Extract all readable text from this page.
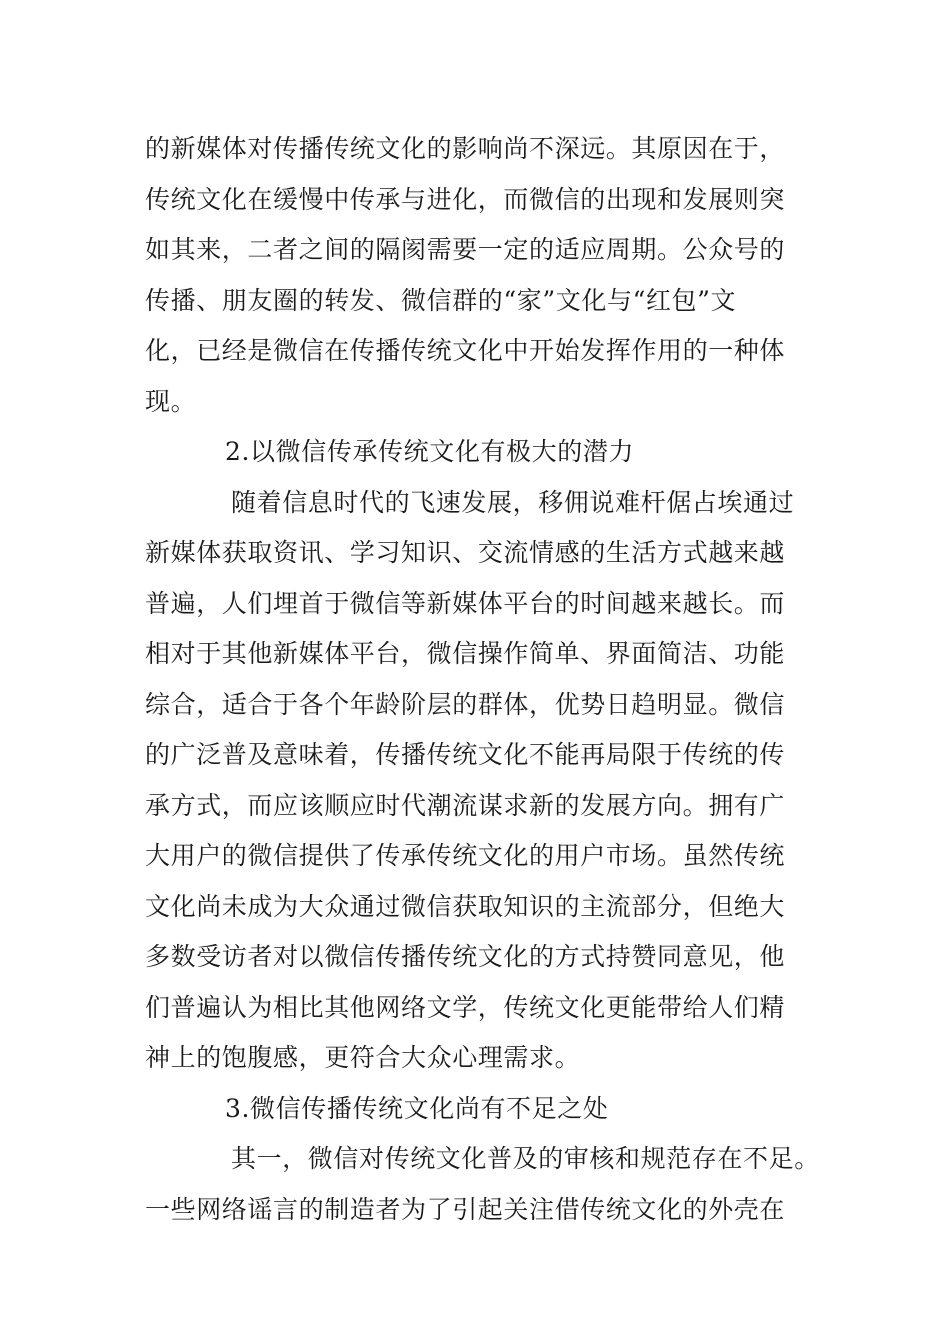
的新媒体对传播传统文化的影响尚不深远。其原因在于，
传统文化在缓慢中传承与进化，而微信的出现和发展则突
如其来，二者之间的隔阂需要一定的适应周期。公众号的
传播、朋友圈的转发、微信群的“家”文化与“红包”文
化，已经是微信在传播传统文化中开始发挥作用的一种体
现。
2.以微信传承传统文化有极大的潜力
随着信息时代的飞速发展，移佣说难杆倨占埃通过
新媒体获取资讯、学习知识、交流情感的生活方式越来越
普遍，人们埋首于微信等新媒体平台的时间越来越长。而
相对于其他新媒体平台，微信操作简单、界面简洁、功能
综合，适合于各个年龄阶层的群体，优势日趋明显。微信
的广泛普及意味着，传播传统文化不能再局限于传统的传
承方式，而应该顺应时代潮流谋求新的发展方向。拥有广
大用户的微信提供了传承传统文化的用户市场。虽然传统
文化尚未成为大众通过微信获取知识的主流部分，但绝大
多数受访者对以微信传播传统文化的方式持赞同意见，他
们普遍认为相比其他网络文学，传统文化更能带给人们精
神上的饱腹感，更符合大众心理需求。
3.微信传播传统文化尚有不足之处
其一，微信对传统文化普及的审核和规范存在不足。
一些网络谣言的制造者为了引起关注借传统文化的外壳在
